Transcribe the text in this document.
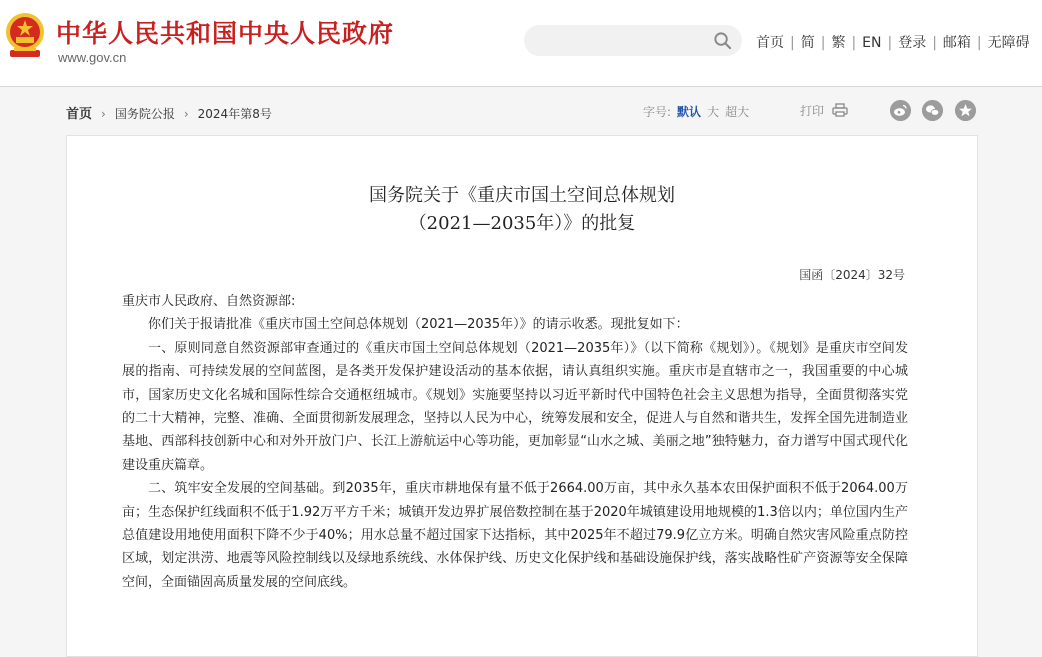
中华人民共和国中央人民政府
www.gov.cn
首页 | 简 | 繁 | EN | 登录 | 邮箱 | 无障碍
首页 › 国务院公报 › 2024年第8号	字号: 默认 大 超大	打印
国务院关于《重庆市国土空间总体规划
（2021—2035年）》的批复
国函〔2024〕32号

重庆市人民政府、自然资源部:

你们关于报请批准《重庆市国土空间总体规划（2021—2035年）》的请示收悉。现批复如下：

一、原则同意自然资源部审查通过的《重庆市国土空间总体规划（2021—2035年）》（以下简称《规划》）。《规划》是重庆市空间发展的指南、可持续发展的空间蓝图，是各类开发保护建设活动的基本依据，请认真组织实施。重庆市是直辖市之一，我国重要的中心城市，国家历史文化名城和国际性综合交通枢纽城市。《规划》实施要坚持以习近平新时代中国特色社会主义思想为指导，全面贯彻落实党的二十大精神，完整、准确、全面贯彻新发展理念，坚持以人民为中心，统筹发展和安全，促进人与自然和谐共生，发挥全国先进制造业基地、西部科技创新中心和对外开放门户、长江上游航运中心等功能，更加彰显“山水之城、美丽之地”独特魅力，奋力谱写中国式现代化建设重庆篇章。

二、筑牢安全发展的空间基础。到2035年，重庆市耕地保有量不低于2664.00万亩，其中永久基本农田保护面积不低于2064.00万亩；生态保护红线面积不低于1.92万平方千米；城镇开发边界扩展倍数控制在基于2020年城镇建设用地规模的1.3倍以内；单位国内生产总值建设用地使用面积下降不少于40%；用水总量不超过国家下达指标，其中2025年不超过79.9亿立方米。明确自然灾害风险重点防控区域，划定洪涝、地震等风险控制线以及绿地系统线、水体保护线、历史文化保护线和基础设施保护线，落实战略性矿产资源等安全保障空间，全面锚固高质量发展的空间底线。
